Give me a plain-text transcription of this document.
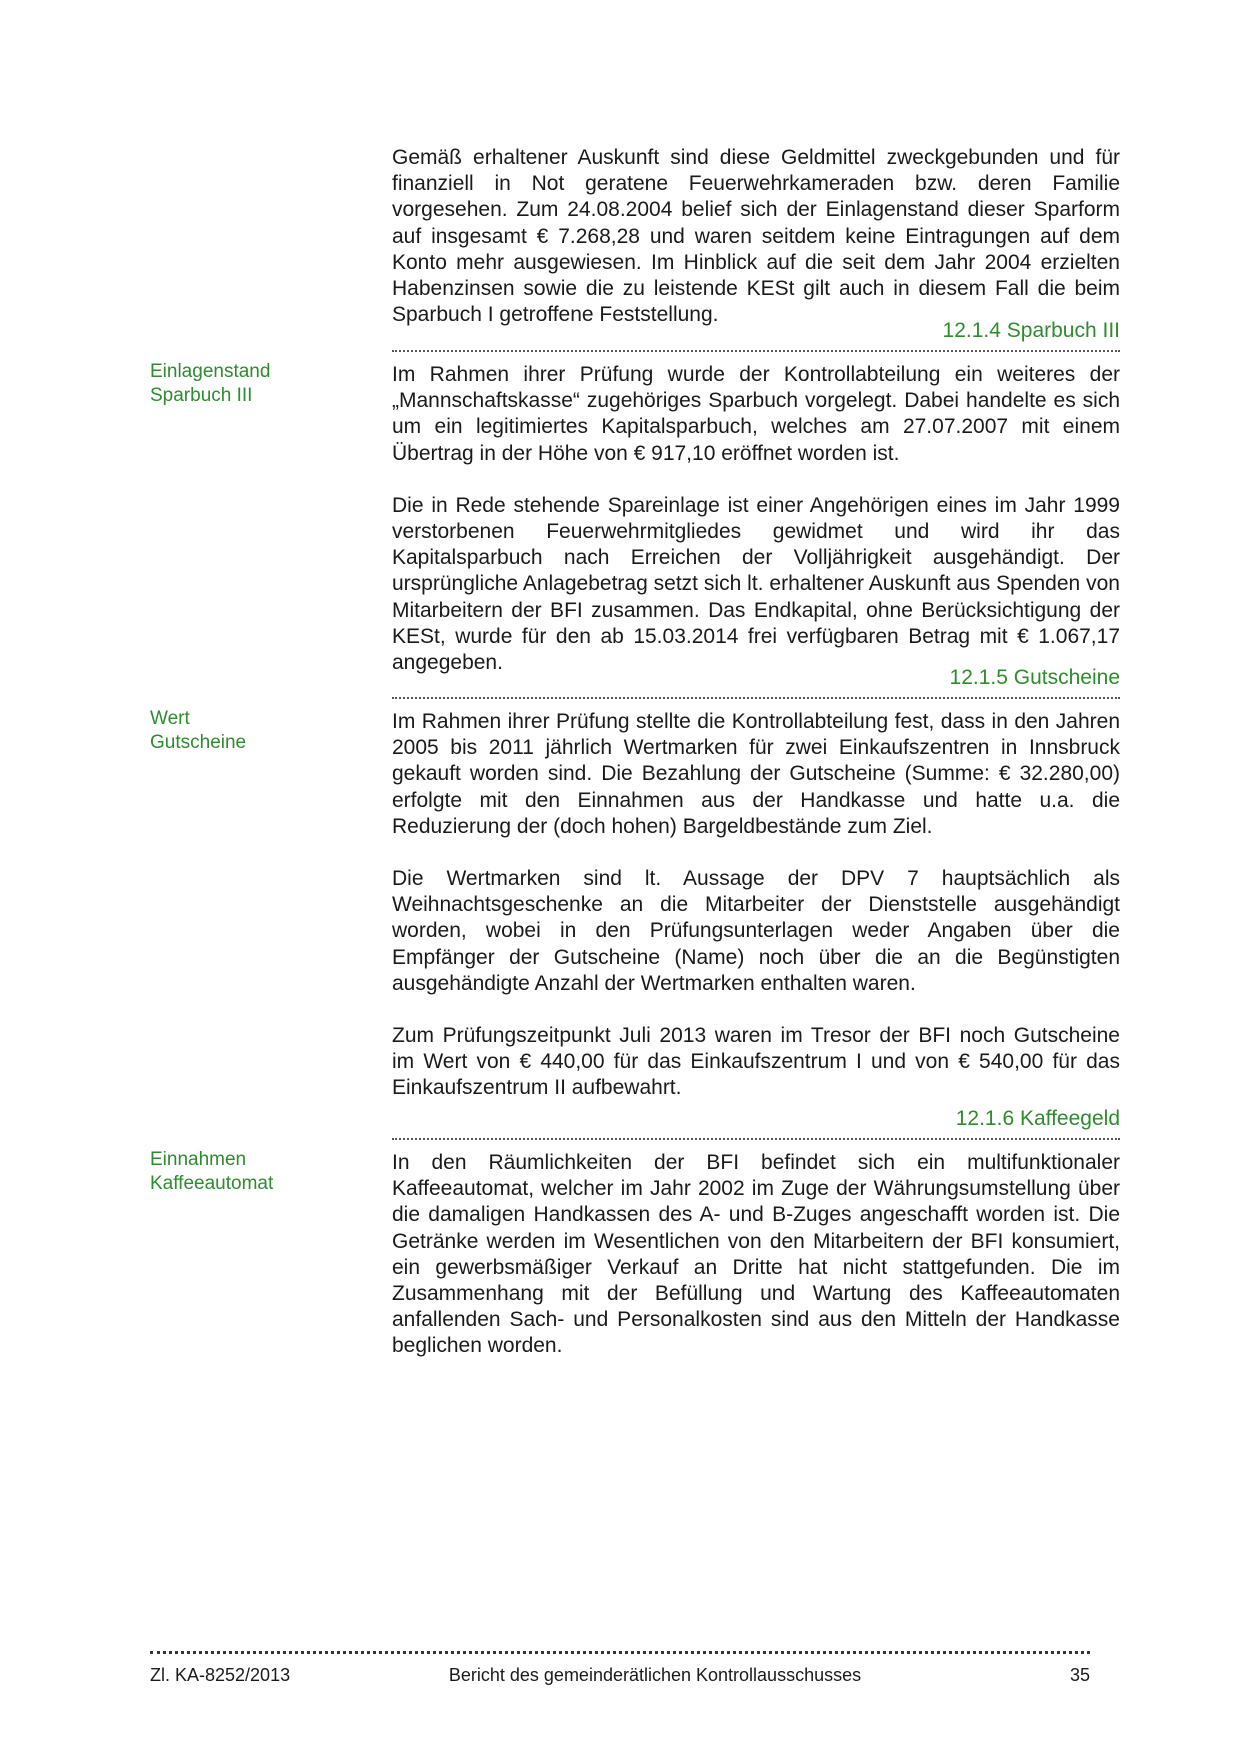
Gemäß erhaltener Auskunft sind diese Geldmittel zweckgebunden und für finanziell in Not geratene Feuerwehrkameraden bzw. deren Familie vorgesehen. Zum 24.08.2004 belief sich der Einlagenstand dieser Sparform auf insgesamt € 7.268,28 und waren seitdem keine Eintragungen auf dem Konto mehr ausgewiesen. Im Hinblick auf die seit dem Jahr 2004 erzielten Habenzinsen sowie die zu leistende KESt gilt auch in diesem Fall die beim Sparbuch I getroffene Feststellung.

12.1.4 Sparbuch III
Einlagenstand
Sparbuch III

Im Rahmen ihrer Prüfung wurde der Kontrollabteilung ein weiteres der „Mannschaftskasse“ zugehöriges Sparbuch vorgelegt. Dabei handelte es sich um ein legitimiertes Kapitalsparbuch, welches am 27.07.2007 mit einem Übertrag in der Höhe von € 917,10 eröffnet worden ist.

Die in Rede stehende Spareinlage ist einer Angehörigen eines im Jahr 1999 verstorbenen Feuerwehrmitgliedes gewidmet und wird ihr das Kapitalsparbuch nach Erreichen der Volljährigkeit ausgehändigt. Der ursprüngliche Anlagebetrag setzt sich lt. erhaltener Auskunft aus Spenden von Mitarbeitern der BFI zusammen. Das Endkapital, ohne Berücksichtigung der KESt, wurde für den ab 15.03.2014 frei verfügbaren Betrag mit € 1.067,17 angegeben.

12.1.5 Gutscheine
Wert
Gutscheine

Im Rahmen ihrer Prüfung stellte die Kontrollabteilung fest, dass in den Jahren 2005 bis 2011 jährlich Wertmarken für zwei Einkaufszentren in Innsbruck gekauft worden sind. Die Bezahlung der Gutscheine (Summe: € 32.280,00) erfolgte mit den Einnahmen aus der Handkasse und hatte u.a. die Reduzierung der (doch hohen) Bargeldbestände zum Ziel.

Die Wertmarken sind lt. Aussage der DPV 7 hauptsächlich als Weihnachtsgeschenke an die Mitarbeiter der Dienststelle ausgehändigt worden, wobei in den Prüfungsunterlagen weder Angaben über die Empfänger der Gutscheine (Name) noch über die an die Begünstigten ausgehändigte Anzahl der Wertmarken enthalten waren.

Zum Prüfungszeitpunkt Juli 2013 waren im Tresor der BFI noch Gutscheine im Wert von € 440,00 für das Einkaufszentrum I und von € 540,00 für das Einkaufszentrum II aufbewahrt.

12.1.6 Kaffeegeld
Einnahmen
Kaffeeautomat

In den Räumlichkeiten der BFI befindet sich ein multifunktionaler Kaffeeautomat, welcher im Jahr 2002 im Zuge der Währungsumstellung über die damaligen Handkassen des A- und B-Zuges angeschafft worden ist. Die Getränke werden im Wesentlichen von den Mitarbeitern der BFI konsumiert, ein gewerbsmäßiger Verkauf an Dritte hat nicht stattgefunden. Die im Zusammenhang mit der Befüllung und Wartung des Kaffeeautomaten anfallenden Sach- und Personalkosten sind aus den Mitteln der Handkasse beglichen worden.

Zl. KA-8252/2013	Bericht des gemeinderätlichen Kontrollausschusses	35
